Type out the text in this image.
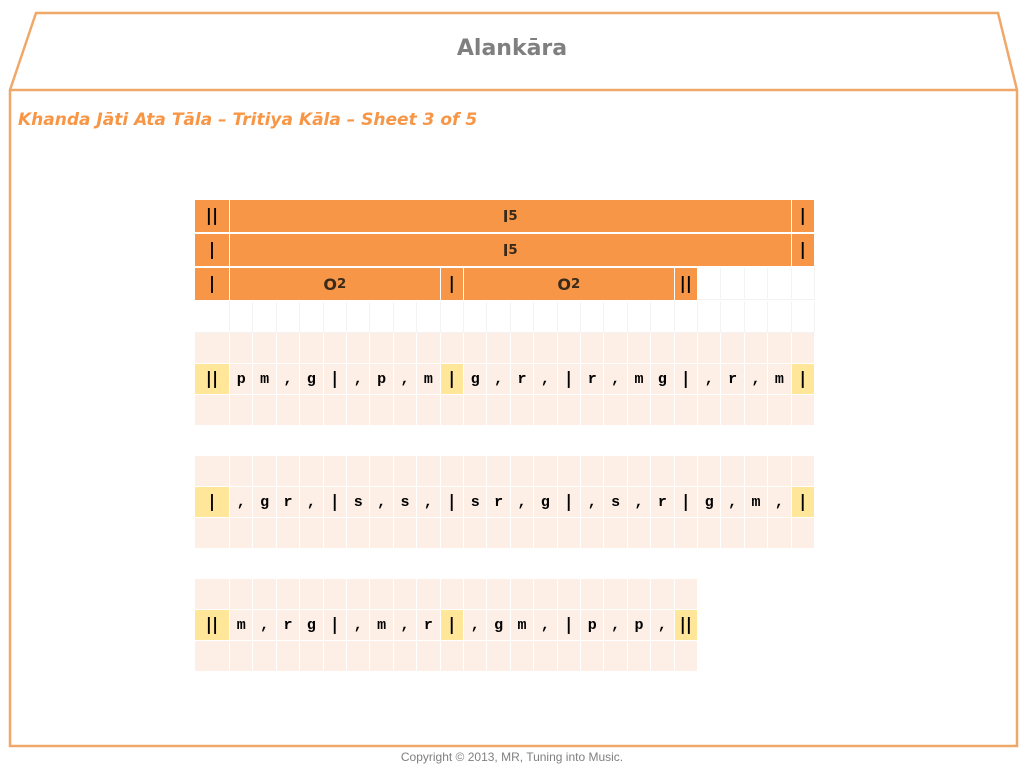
Alankāra
Khanda Jāti Ata Tāla – Tritiya Kāla – Sheet 3 of 5
||	l 5	|
|	l 5	|
|	O 2	|	O 2	||
||	p m , g |	, p , m |	g , r , |	r , m g |	, r , m |
|	, g r , |	s , s , |	s r , g |	, s , r |	g , m , |
||	m , r g |	, m , r |	, g m , |	p , p , ||
Copyright © 2013, MR, Tuning into Music.
